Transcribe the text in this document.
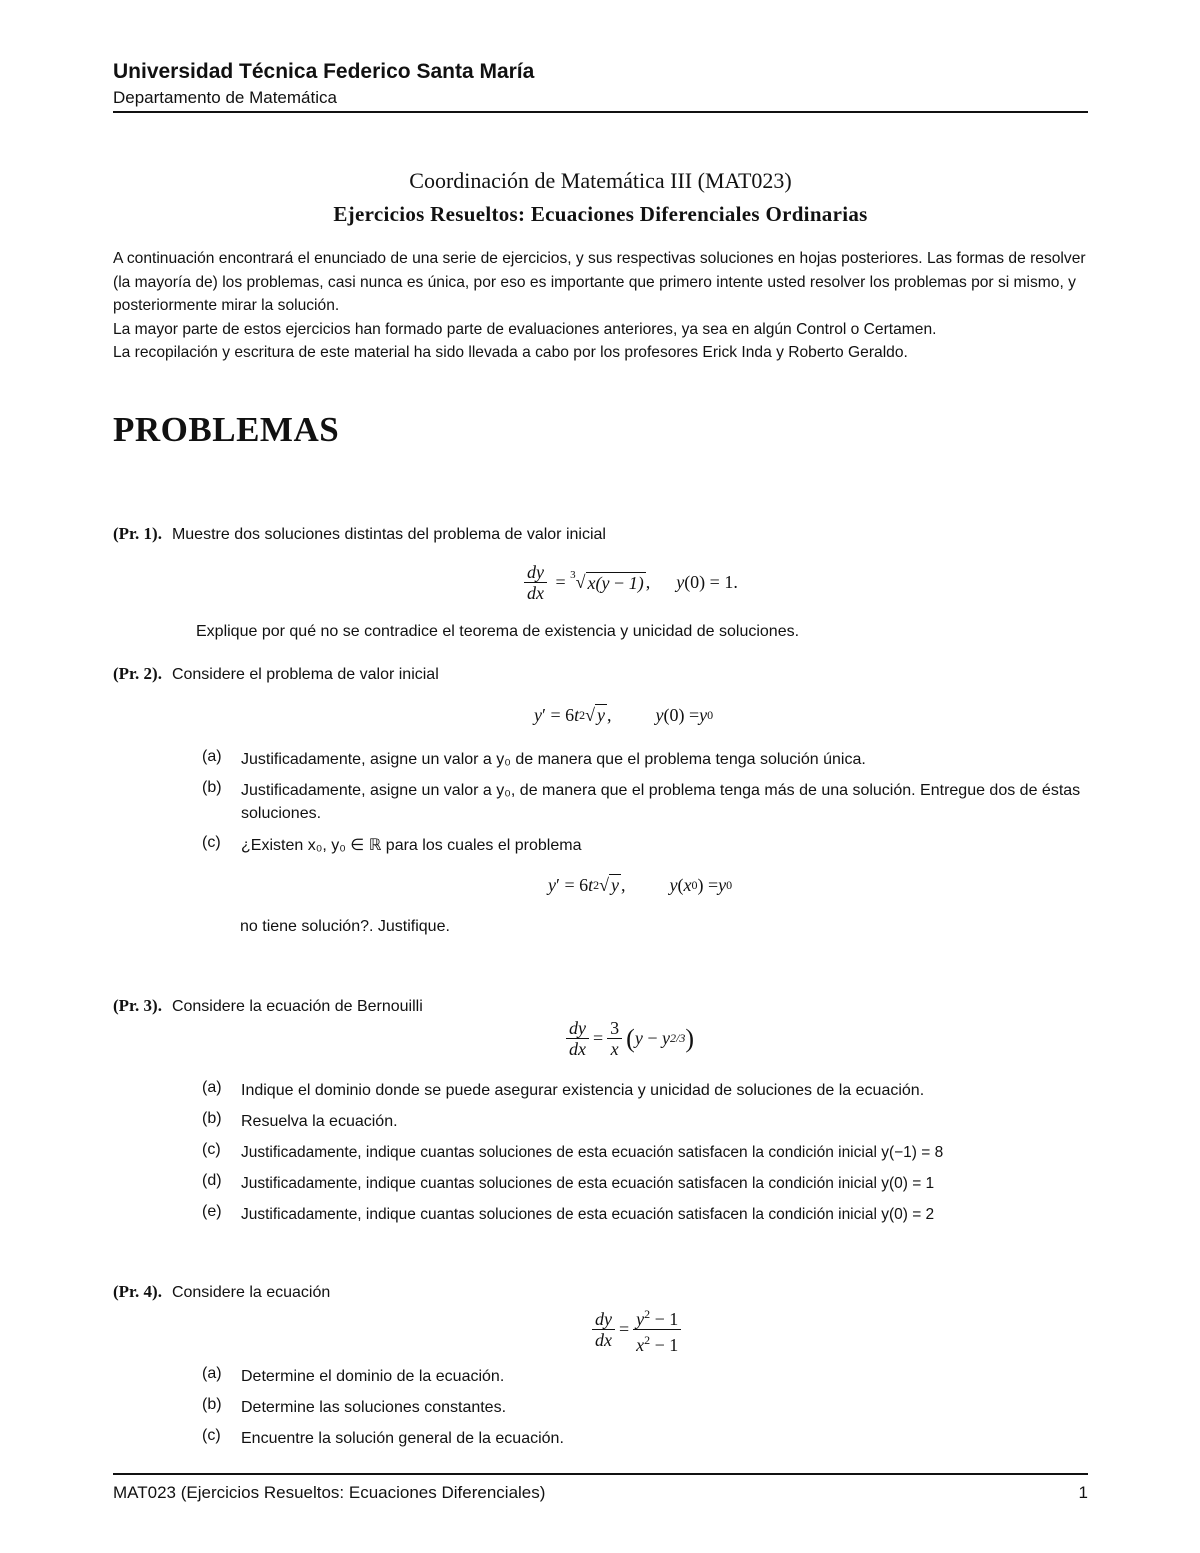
Universidad Técnica Federico Santa María
Departamento de Matemática
Coordinación de Matemática III (MAT023)
Ejercicios Resueltos: Ecuaciones Diferenciales Ordinarias

A continuación encontrará el enunciado de una serie de ejercicios, y sus respectivas soluciones en hojas posteriores. Las formas de resolver (la mayoría de) los problemas, casi nunca es única, por eso es importante que primero intente usted resolver los problemas por si mismo, y posteriormente mirar la solución.

La mayor parte de estos ejercicios han formado parte de evaluaciones anteriores, ya sea en algún Control o Certamen.

La recopilación y escritura de este material ha sido llevada a cabo por los profesores Erick Inda y Roberto Geraldo.

PROBLEMAS
(Pr. 1). Muestre dos soluciones distintas del problema de valor inicial
$\frac{dy}{dx} = 3$ √ x(y − 1) , y (0) = 1.
Explique por qué no se contradice el teorema de existencia y unicidad de soluciones.
(Pr. 2). Considere el problema de valor inicial
y ′ = 6 t 2 √ y , y (0) = y 0
(a) Justificadamente, asigne un valor a y₀ de manera que el problema tenga solución única.
(b) Justificadamente, asigne un valor a y₀, de manera que el problema tenga más de una solución. Entregue dos de éstas soluciones.
(c) ¿Existen x₀, y₀ ∈ ℝ para los cuales el problema
y ′ = 6 t 2 √ y , y ( x 0 ) = y 0
no tiene solución?. Justifique.
(Pr. 3). Considere la ecuación de Bernouilli
$\frac{dy}{dx} = \frac{3}{x}$ ( y − y 2/3 )
(a) Indique el dominio donde se puede asegurar existencia y unicidad de soluciones de la ecuación.
(b) Resuelva la ecuación.
(c) Justificadamente, indique cuantas soluciones de esta ecuación satisfacen la condición inicial y(−1) = 8
(d) Justificadamente, indique cuantas soluciones de esta ecuación satisfacen la condición inicial y(0) = 1
(e) Justificadamente, indique cuantas soluciones de esta ecuación satisfacen la condición inicial y(0) = 2
(Pr. 4). Considere la ecuación
$\frac{dy}{dx} = \frac{y^2 - 1}{x^2 - 1}$
(a) Determine el dominio de la ecuación.
(b) Determine las soluciones constantes.
(c) Encuentre la solución general de la ecuación.
MAT023 (Ejercicios Resueltos: Ecuaciones Diferenciales)	1
